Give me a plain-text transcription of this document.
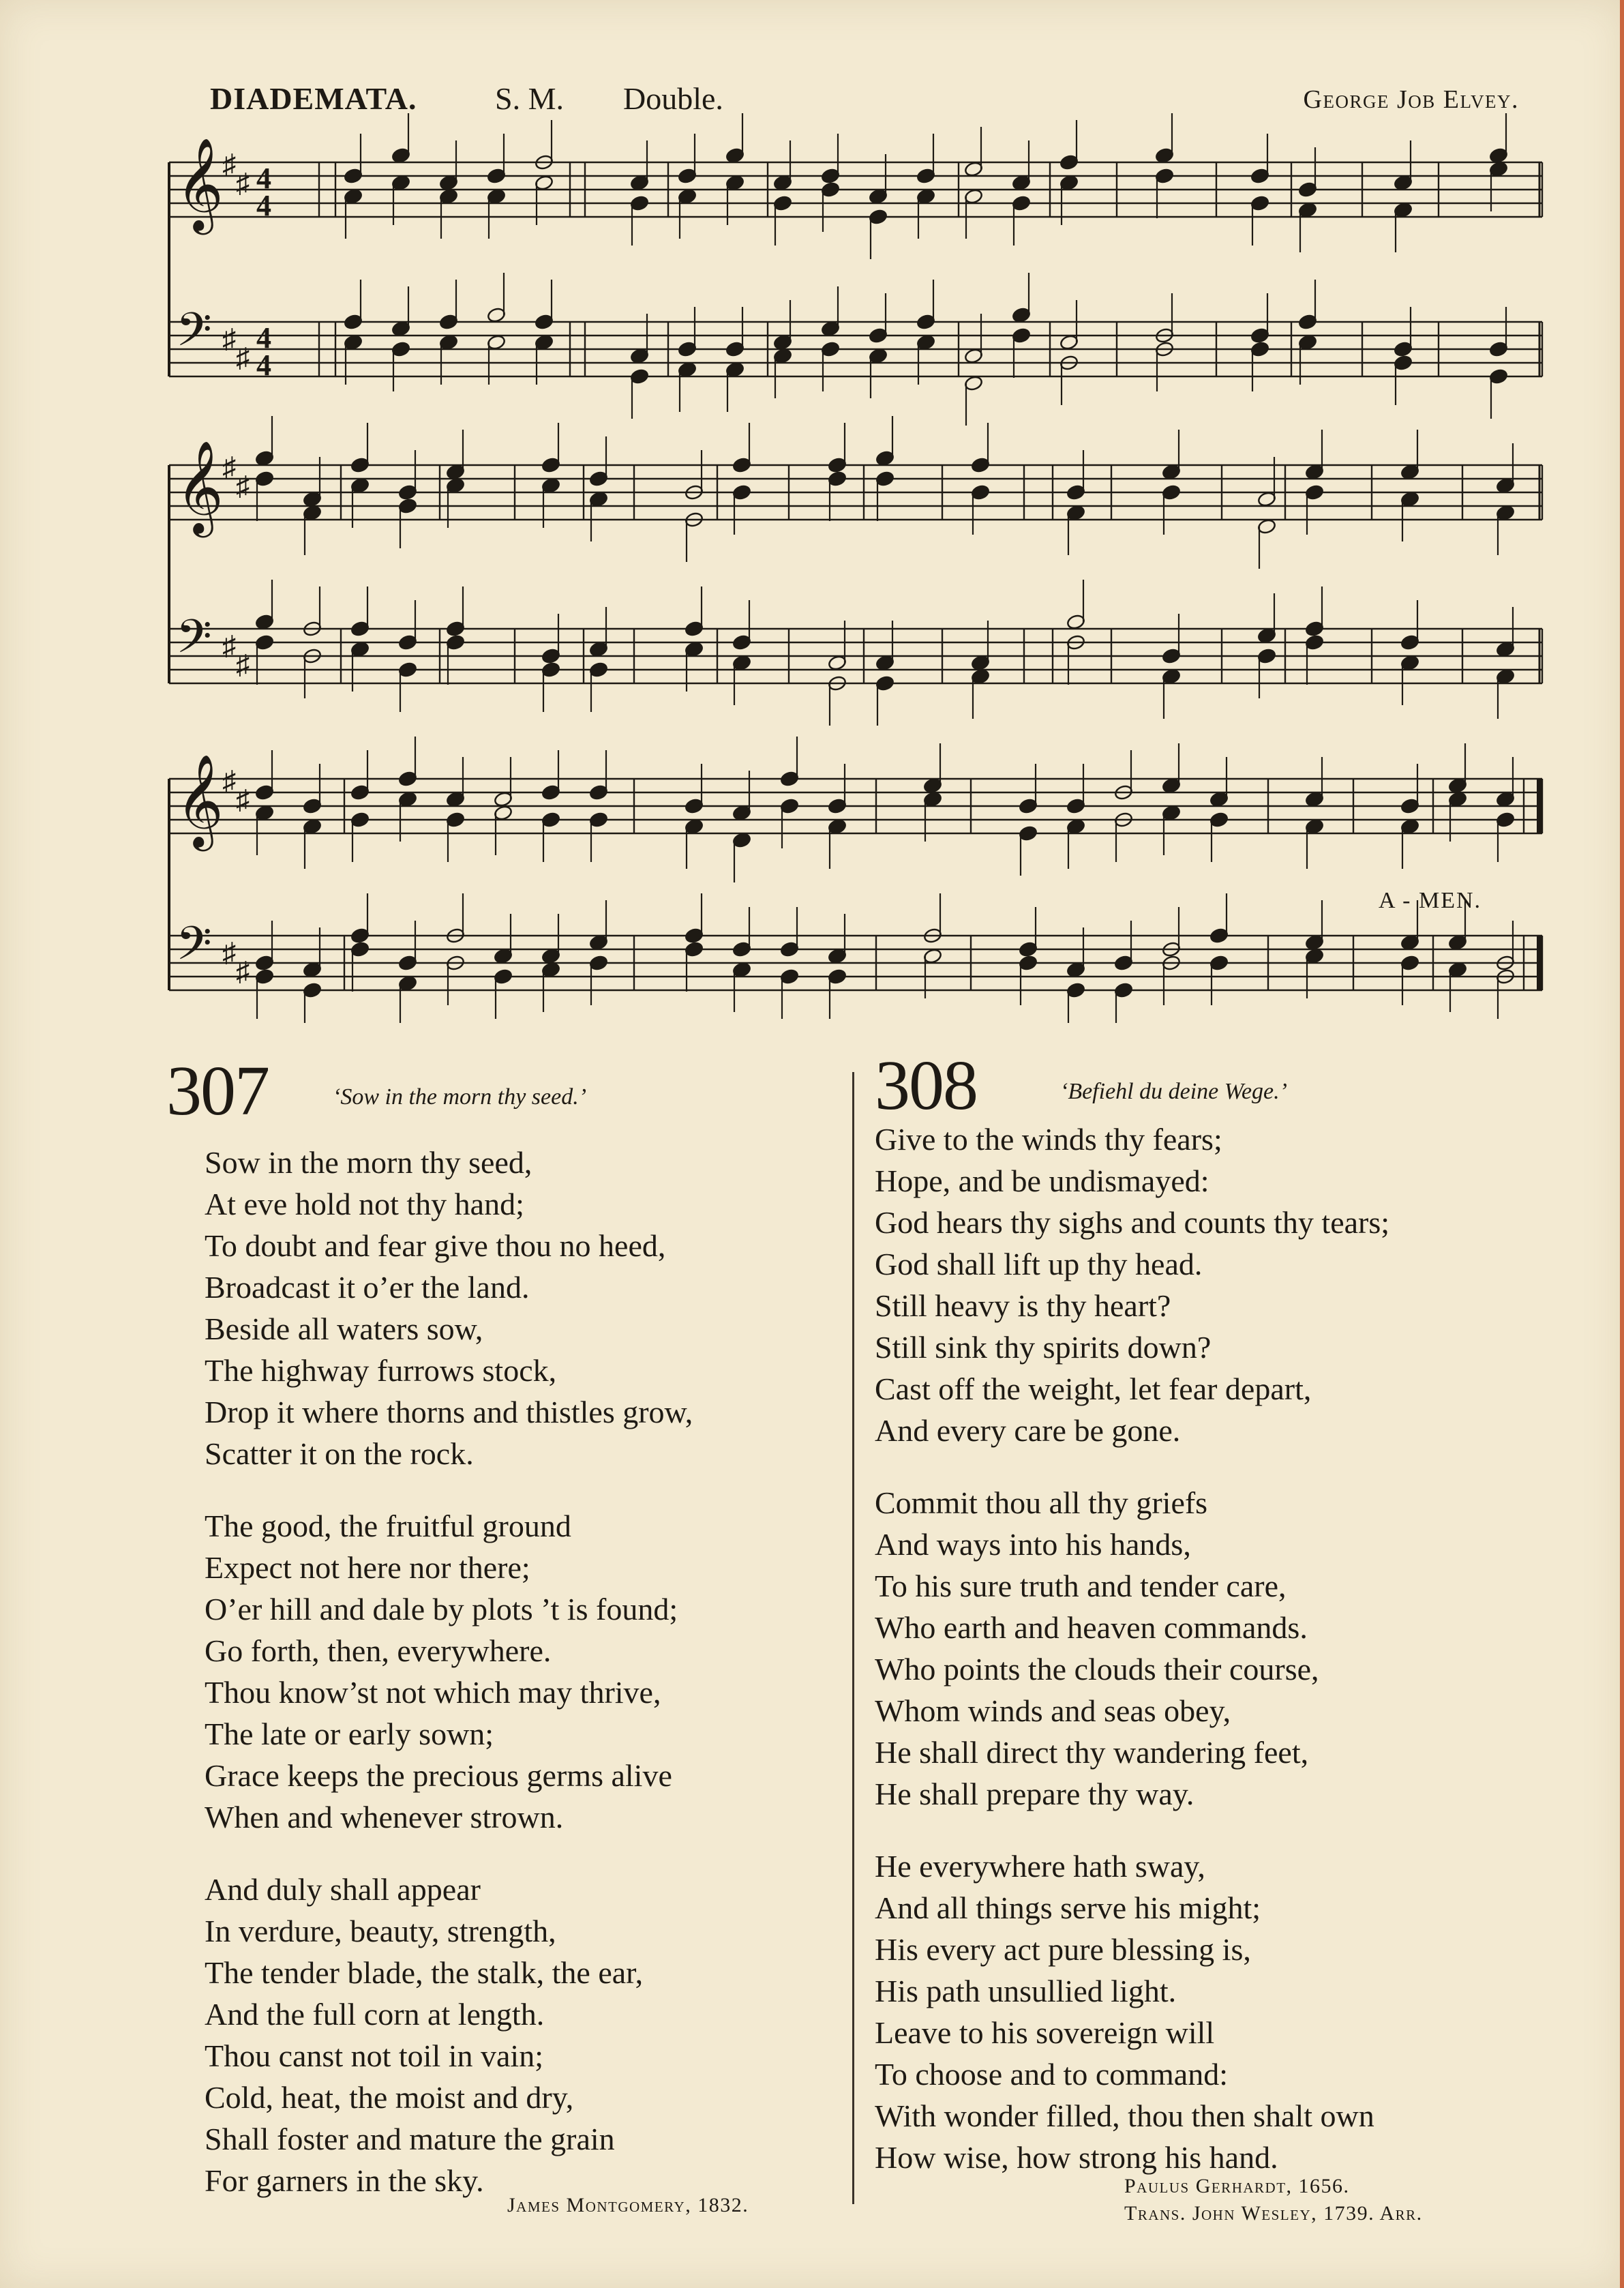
DIADEMATA. S. M. Double.	George Job Elvey.
𝄞
♯
♯ 4
4
𝄢 ♯
♯
4
4
𝄞
♯
♯
𝄢 ♯
♯
𝄞
♯
♯
𝄢 ♯
♯
A - MEN.
307	‘Sow in the morn thy seed.’
Sow in the morn thy seed,
At eve hold not thy hand;
To doubt and fear give thou no heed,
Broadcast it o’er the land.
Beside all waters sow,
The highway furrows stock,
Drop it where thorns and thistles grow,
Scatter it on the rock.
The good, the fruitful ground
Expect not here nor there;
O’er hill and dale by plots ’t is found;
Go forth, then, everywhere.
Thou know’st not which may thrive,
The late or early sown;
Grace keeps the precious germs alive
When and whenever strown.
And duly shall appear
In verdure, beauty, strength,
The tender blade, the stalk, the ear,
And the full corn at length.
Thou canst not toil in vain;
Cold, heat, the moist and dry,
Shall foster and mature the grain
For garners in the sky.
James Montgomery, 1832.
308	‘Befiehl du deine Wege.’
Give to the winds thy fears;
Hope, and be undismayed:
God hears thy sighs and counts thy tears;
God shall lift up thy head.
Still heavy is thy heart?
Still sink thy spirits down?
Cast off the weight, let fear depart,
And every care be gone.
Commit thou all thy griefs
And ways into his hands,
To his sure truth and tender care,
Who earth and heaven commands.
Who points the clouds their course,
Whom winds and seas obey,
He shall direct thy wandering feet,
He shall prepare thy way.
He everywhere hath sway,
And all things serve his might;
His every act pure blessing is,
His path unsullied light.
Leave to his sovereign will
To choose and to command:
With wonder filled, thou then shalt own
How wise, how strong his hand.
Paulus Gerhardt, 1656.
Trans. John Wesley, 1739. Arr.
